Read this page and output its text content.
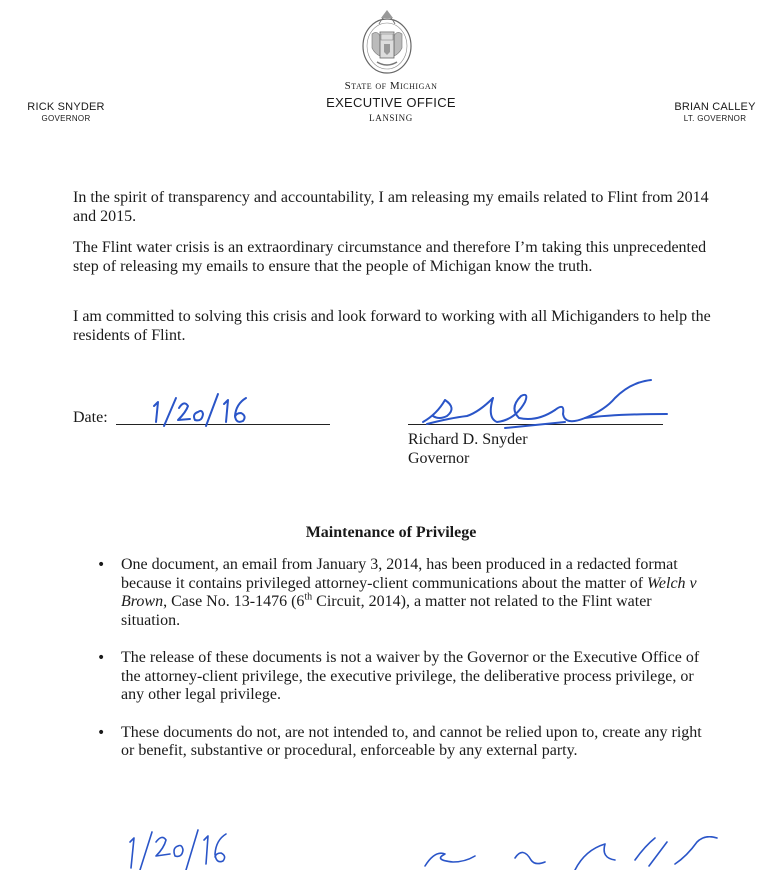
RICK SNYDER
GOVERNOR
State of Michigan
EXECUTIVE OFFICE
LANSING
BRIAN CALLEY
LT. GOVERNOR

In the spirit of transparency and accountability, I am releasing my emails related to Flint from 2014 and 2015.

The Flint water crisis is an extraordinary circumstance and therefore I’m taking this unprecedented step of releasing my emails to ensure that the people of Michigan know the truth.

I am committed to solving this crisis and look forward to working with all Michiganders to help the residents of Flint.

Date:
Richard D. Snyder
Governor
Maintenance of Privilege
• One document, an email from January 3, 2014, has been produced in a redacted format because it contains privileged attorney-client communications about the matter of Welch v Brown, Case No. 13-1476 (6th Circuit, 2014), a matter not related to the Flint water situation.
• The release of these documents is not a waiver by the Governor or the Executive Office of the attorney-client privilege, the executive privilege, the deliberative process privilege, or any other legal privilege.
• These documents do not, are not intended to, and cannot be relied upon to, create any right or benefit, substantive or procedural, enforceable by any external party.
